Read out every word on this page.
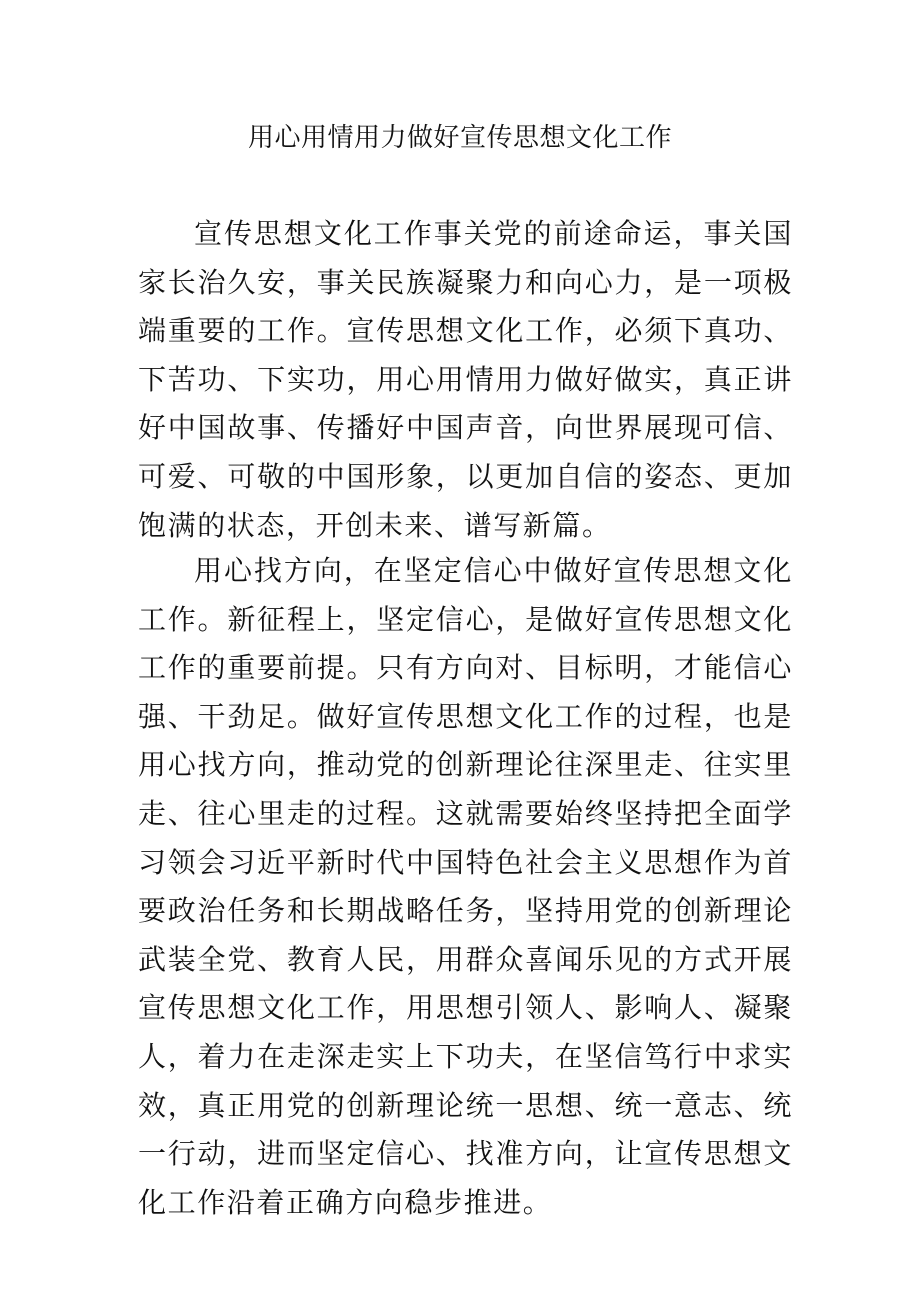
用心用情用力做好宣传思想文化工作

宣传思想文化工作事关党的前途命运，事关国家长治久安，事关民族凝聚力和向心力，是一项极端重要的工作。宣传思想文化工作，必须下真功、下苦功、下实功，用心用情用力做好做实，真正讲好中国故事、传播好中国声音，向世界展现可信、可爱、可敬的中国形象，以更加自信的姿态、更加饱满的状态，开创未来、谱写新篇。

用心找方向，在坚定信心中做好宣传思想文化工作。新征程上，坚定信心，是做好宣传思想文化工作的重要前提。只有方向对、目标明，才能信心强、干劲足。做好宣传思想文化工作的过程，也是用心找方向，推动党的创新理论往深里走、往实里走、往心里走的过程。这就需要始终坚持把全面学习领会习近平新时代中国特色社会主义思想作为首要政治任务和长期战略任务，坚持用党的创新理论武装全党、教育人民，用群众喜闻乐见的方式开展宣传思想文化工作，用思想引领人、影响人、凝聚人，着力在走深走实上下功夫，在坚信笃行中求实效，真正用党的创新理论统一思想、统一意志、统一行动，进而坚定信心、找准方向，让宣传思想文化工作沿着正确方向稳步推进。
